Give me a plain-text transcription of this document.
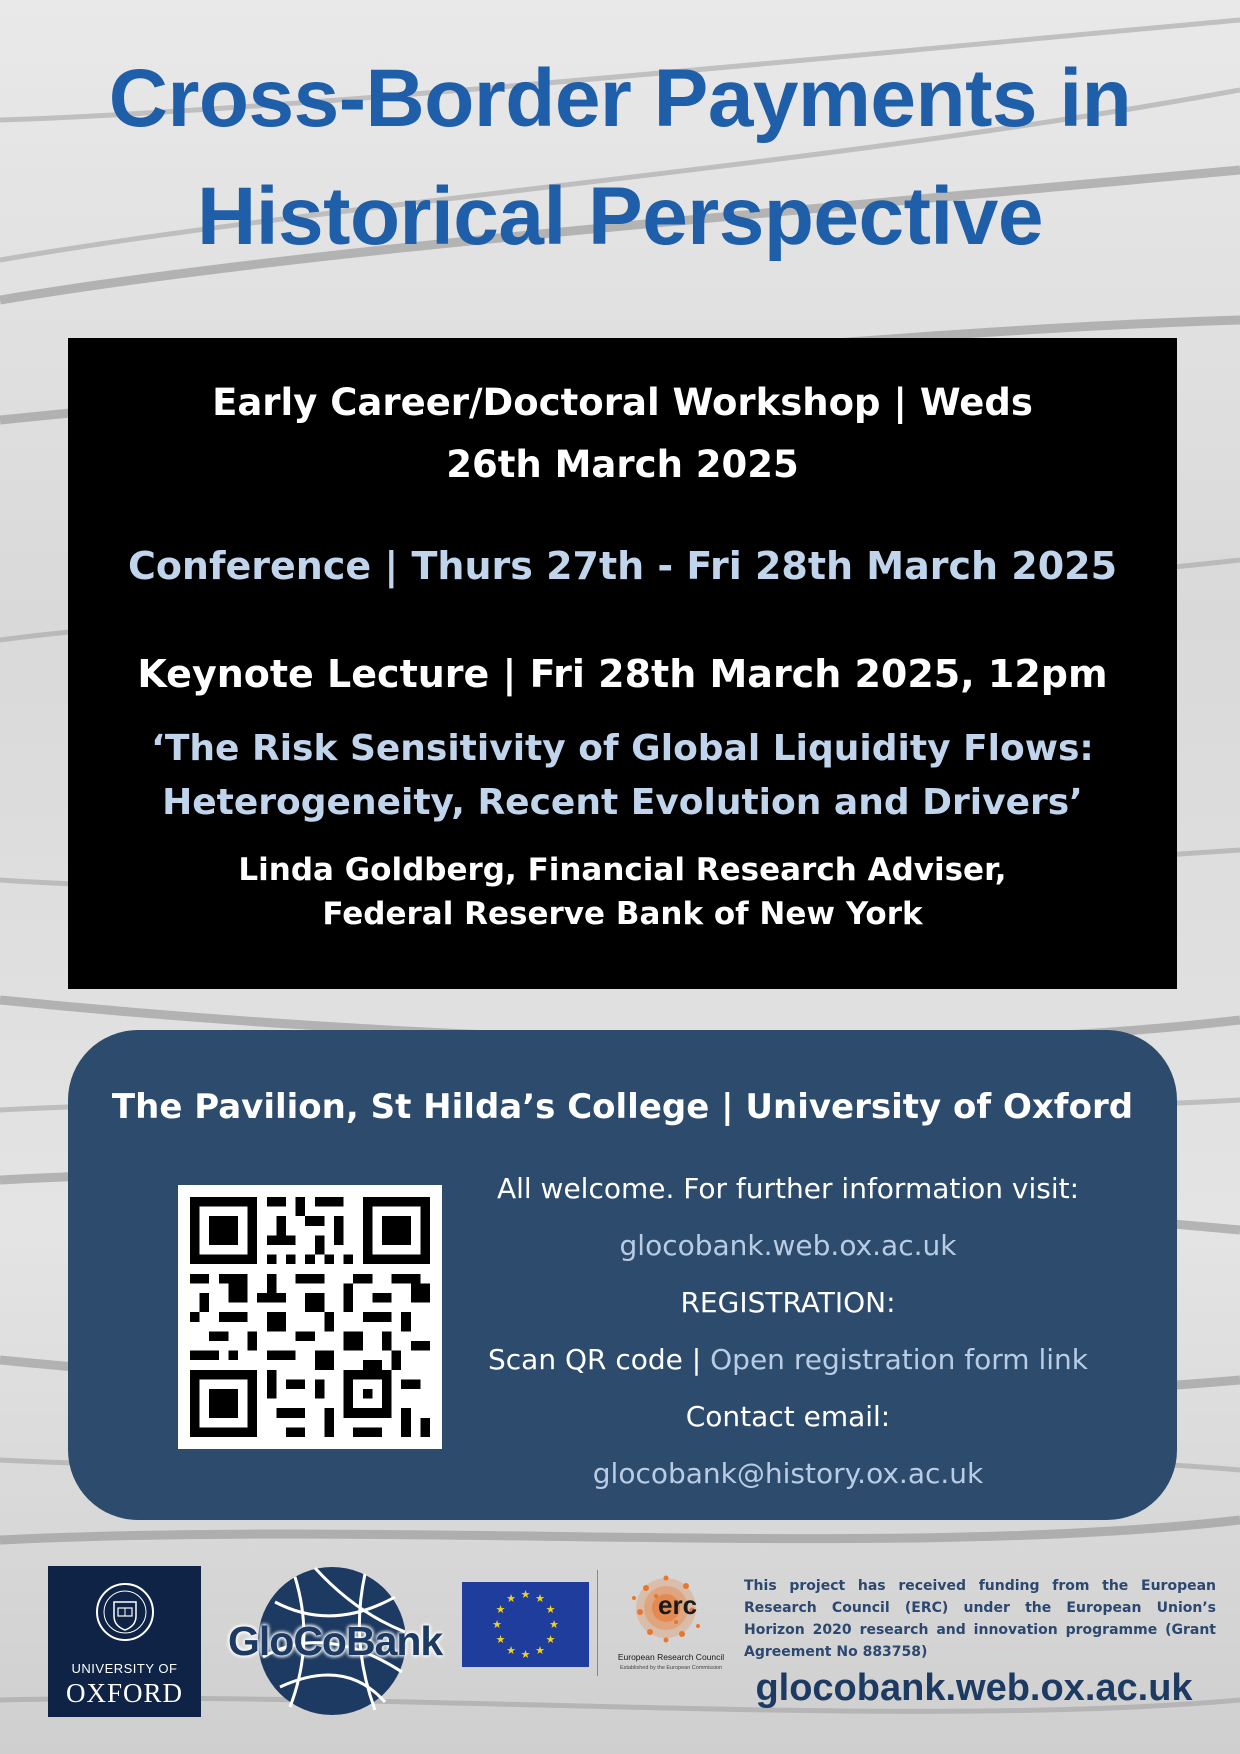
Cross-Border Payments in
Historical Perspective
Early Career/Doctoral Workshop | Weds 26th March 2025
Conference | Thurs 27th - Fri 28th March 2025
Keynote Lecture | Fri 28th March 2025, 12pm
‘The Risk Sensitivity of Global Liquidity Flows: Heterogeneity, Recent Evolution and Drivers’
Linda Goldberg, Financial Research Adviser,
Federal Reserve Bank of New York
The Pavilion, St Hilda’s College | University of Oxford
All welcome. For further information visit:
glocobank.web.ox.ac.uk
REGISTRATION:
Scan QR code | Open registration form link
Contact email: glocobank@history.ox.ac.uk
UNIVERSITY OF
OXFORD
GloCoBank
★ ★
★
★
★
★
★
★
★
★
★
★	erc
European Research Council
Established by the European Commission
This project has received funding from the European Research Council (ERC) under the European Union’s Horizon 2020 research and innovation programme (Grant Agreement No 883758)
glocobank.web.ox.ac.uk
